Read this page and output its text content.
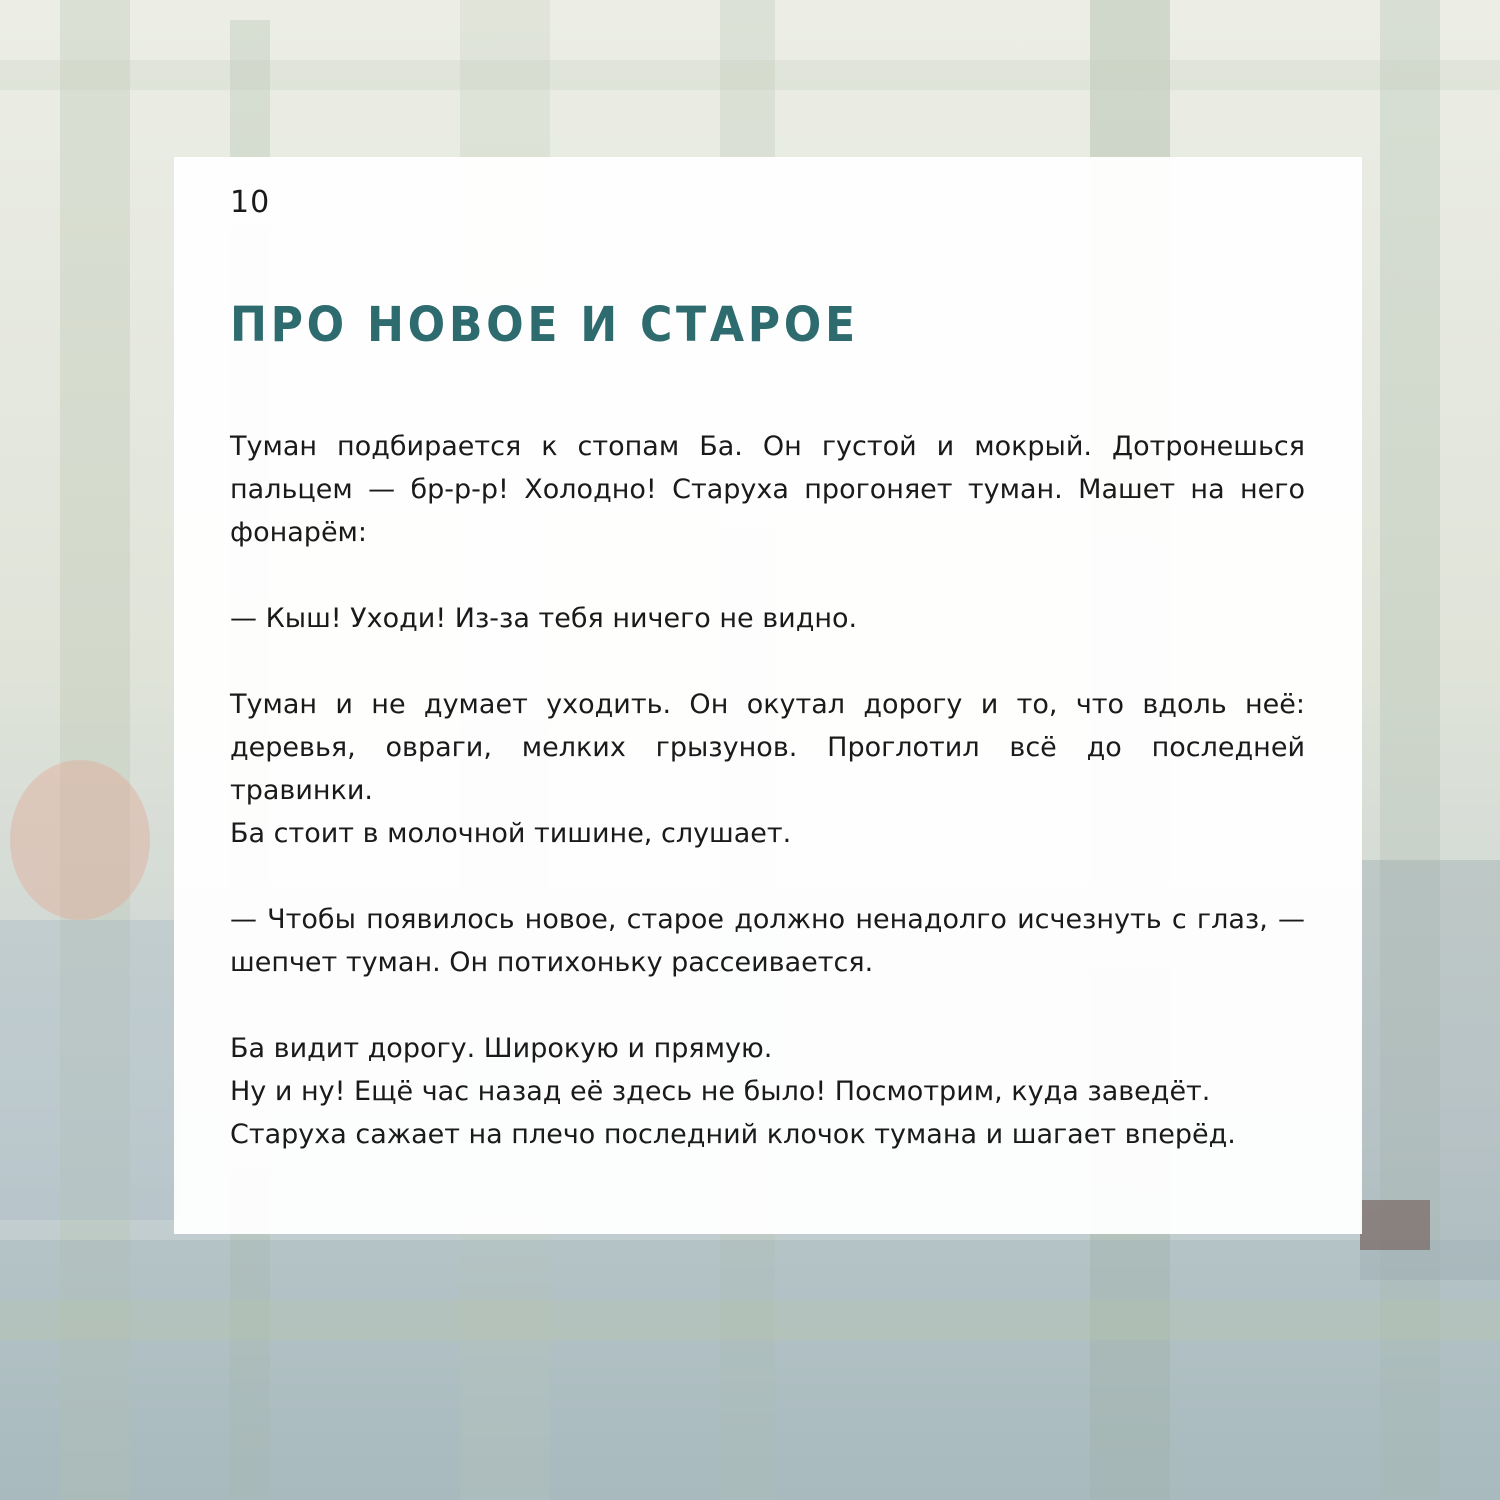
10
ПРО НОВОЕ И СТАРОЕ

Туман подбирается к стопам Ба. Он густой и мокрый. Дотронешься пальцем — бр-р-р! Холодно! Старуха прогоняет туман. Машет на него фонарём:

— Кыш! Уходи! Из-за тебя ничего не видно.

Туман и не думает уходить. Он окутал дорогу и то, что вдоль неё: деревья, овраги, мелких грызунов. Проглотил всё до последней травинки.

Ба стоит в молочной тишине, слушает.

— Чтобы появилось новое, старое должно ненадолго исчезнуть с глаз, — шепчет туман. Он потихоньку рассеивается.

Ба видит дорогу. Широкую и прямую.

Ну и ну! Ещё час назад её здесь не было! Посмотрим, куда заведёт.

Старуха сажает на плечо последний клочок тумана и шагает вперёд.
